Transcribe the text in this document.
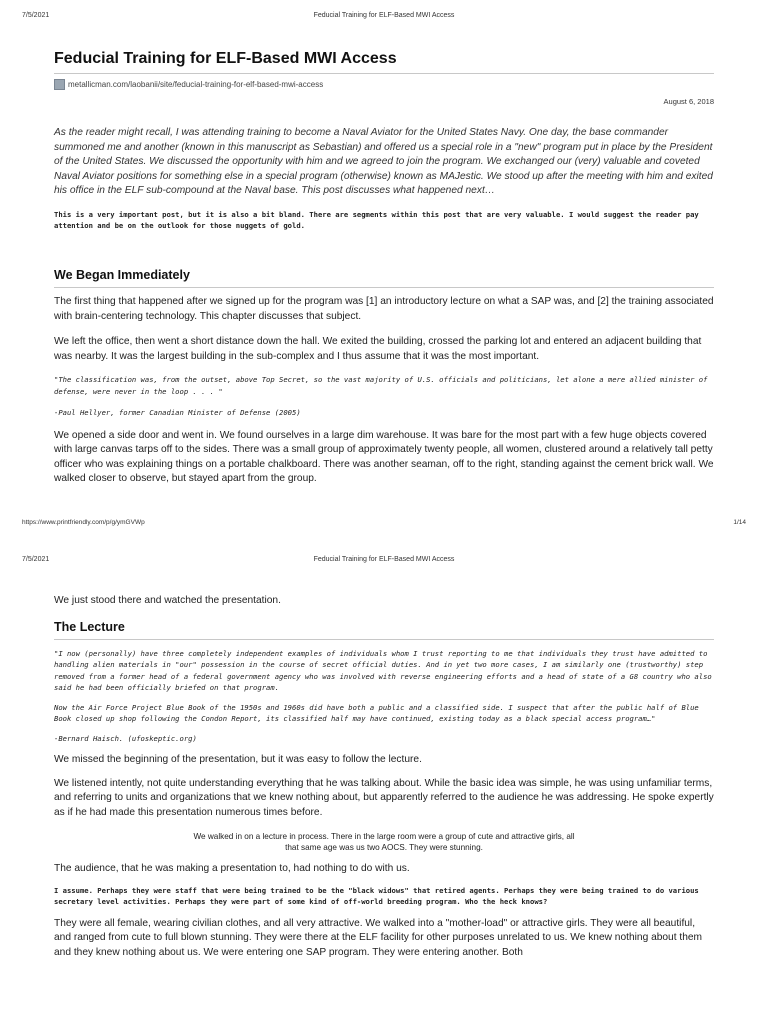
7/5/2021	Feducial Training for ELF-Based MWI Access
Feducial Training for ELF-Based MWI Access
metallicman.com/laobanii/site/feducial-training-for-elf-based-mwi-access
August 6, 2018

As the reader might recall, I was attending training to become a Naval Aviator for the United States Navy. One day, the base commander summoned me and another (known in this manuscript as Sebastian) and offered us a special role in a "new" program put in place by the President of the United States. We discussed the opportunity with him and we agreed to join the program. We exchanged our (very) valuable and coveted Naval Aviator positions for something else in a special program (otherwise) known as MAJestic. We stood up after the meeting with him and exited his office in the ELF sub-compound at the Naval base. This post discusses what happened next…

This is a very important post, but it is also a bit bland. There are segments within this post that are very valuable. I would suggest the reader pay attention and be on the outlook for those nuggets of gold.

We Began Immediately

The first thing that happened after we signed up for the program was [1] an introductory lecture on what a SAP was, and [2] the training associated with brain-centering technology. This chapter discusses that subject.

We left the office, then went a short distance down the hall. We exited the building, crossed the parking lot and entered an adjacent building that was nearby. It was the largest building in the sub-complex and I thus assume that it was the most important.

"The classification was, from the outset, above Top Secret, so the vast majority of U.S. officials and politicians, let alone a mere allied minister of defense, were never in the loop . . . "

-Paul Hellyer, former Canadian Minister of Defense (2005)

We opened a side door and went in. We found ourselves in a large dim warehouse. It was bare for the most part with a few huge objects covered with large canvas tarps off to the sides. There was a small group of approximately twenty people, all women, clustered around a relatively tall petty officer who was explaining things on a portable chalkboard. There was another seaman, off to the right, standing against the cement brick wall. We walked closer to observe, but stayed apart from the group.

https://www.printfriendly.com/p/g/ymGVWp	1/14
7/5/2021	Feducial Training for ELF-Based MWI Access

We just stood there and watched the presentation.

The Lecture

"I now (personally) have three completely independent examples of individuals whom I trust reporting to me that individuals they trust have admitted to handling alien materials in "our" possession in the course of secret official duties. And in yet two more cases, I am similarly one (trustworthy) step removed from a former head of a federal government agency who was involved with reverse engineering efforts and a head of state of a G8 country who also said he had been officially briefed on that program.

Now the Air Force Project Blue Book of the 1950s and 1960s did have both a public and a classified side. I suspect that after the public half of Blue Book closed up shop following the Condon Report, its classified half may have continued, existing today as a black special access program…"

-Bernard Haisch. (ufoskeptic.org)

We missed the beginning of the presentation, but it was easy to follow the lecture.

We listened intently, not quite understanding everything that he was talking about. While the basic idea was simple, he was using unfamiliar terms, and referring to units and organizations that we knew nothing about, but apparently referred to the audience he was addressing. He spoke expertly as if he had made this presentation numerous times before.

We walked in on a lecture in process. There in the large room were a group of cute and attractive girls, all

that same age was us two AOCS. They were stunning.

The audience, that he was making a presentation to, had nothing to do with us.

I assume. Perhaps they were staff that were being trained to be the "black widows" that retired agents. Perhaps they were being trained to do various secretary level activities. Perhaps they were part of some kind of off-world breeding program. Who the heck knows?

They were all female, wearing civilian clothes, and all very attractive. We walked into a "mother-load" or attractive girls. They were all beautiful, and ranged from cute to full blown stunning. They were there at the ELF facility for other purposes unrelated to us. We knew nothing about them and they knew nothing about us. We were entering one SAP program. They were entering another. Both
